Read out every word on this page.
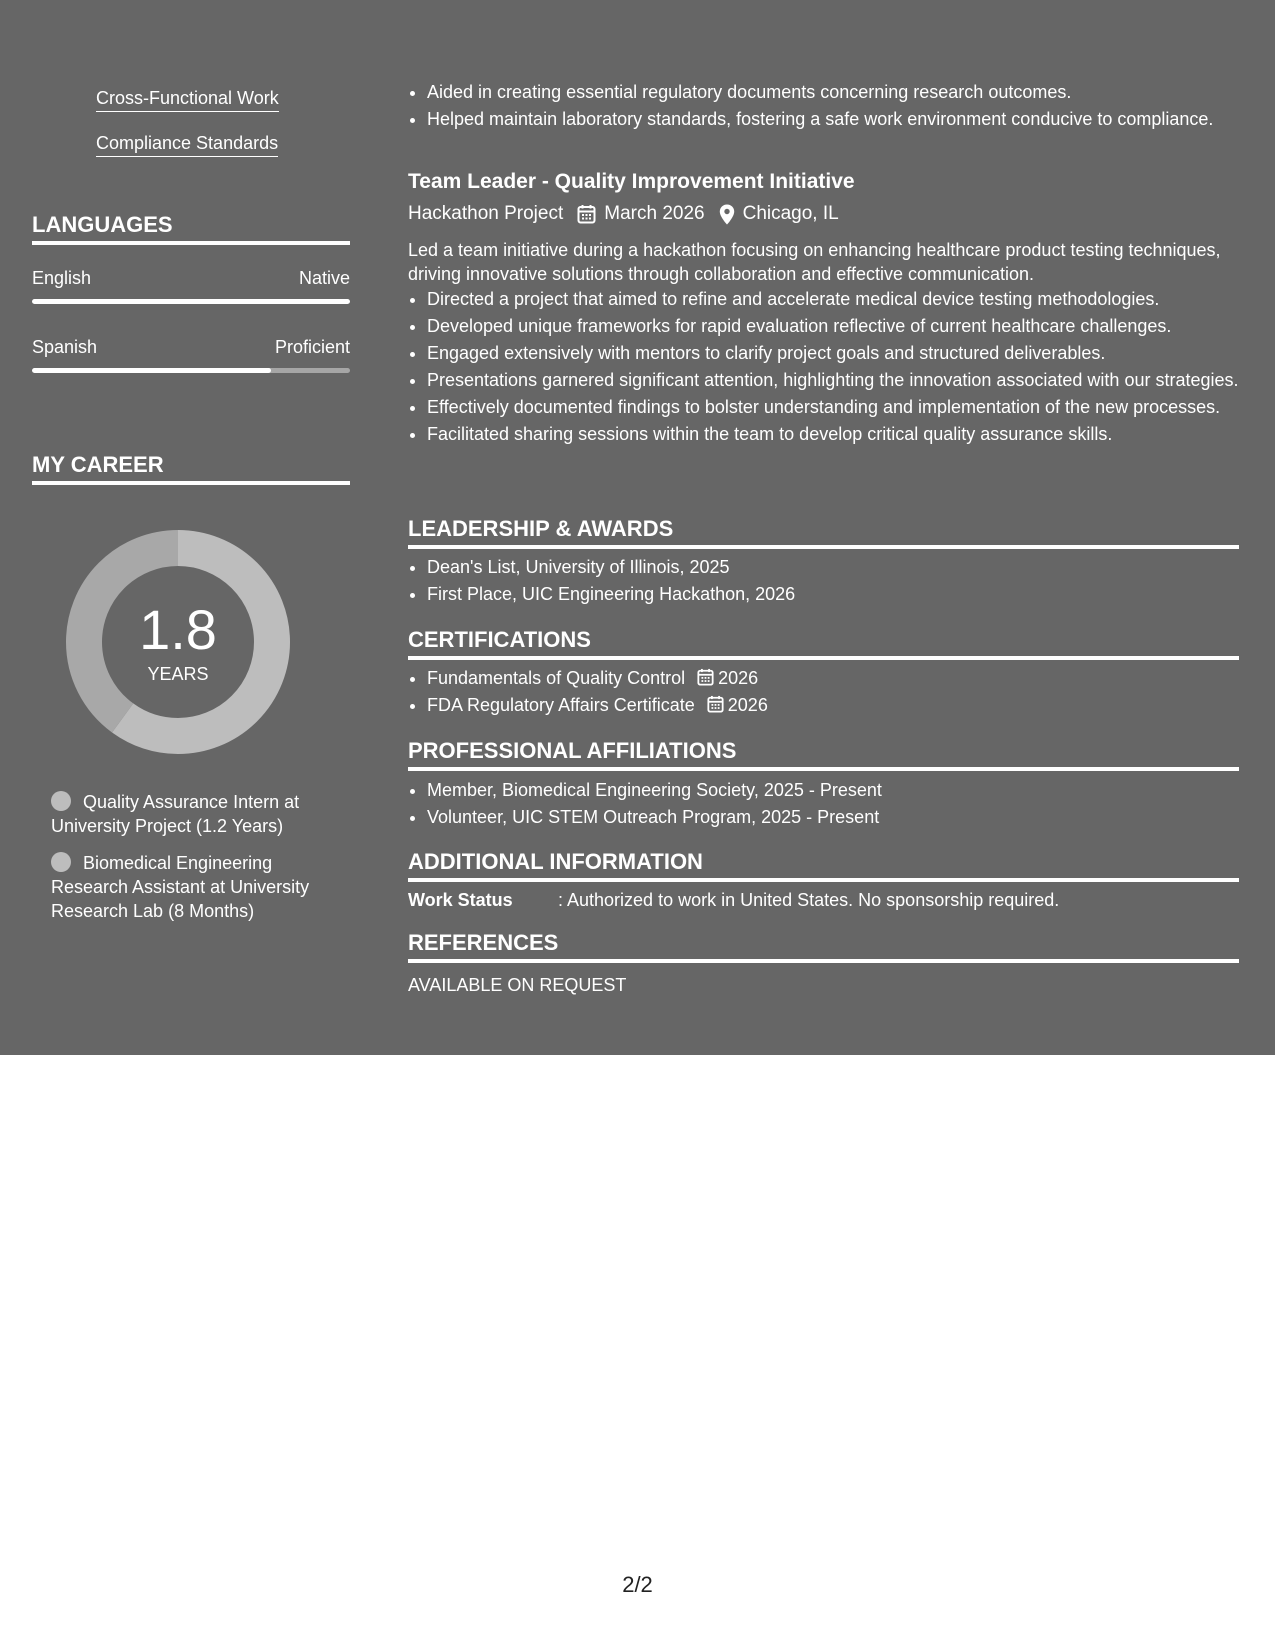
Cross-Functional Work
Compliance Standards
LANGUAGES
English	Native
Spanish	Proficient
MY CAREER
1.8
YEARS
Quality Assurance Intern at University Project (1.2 Years)
Biomedical Engineering Research Assistant at University Research Lab (8 Months)
• Aided in creating essential regulatory documents concerning research outcomes.
• Helped maintain laboratory standards, fostering a safe work environment conducive to compliance.
Team Leader - Quality Improvement Initiative
Hackathon Project March 2026 Chicago, IL
Led a team initiative during a hackathon focusing on enhancing healthcare product testing techniques, driving innovative solutions through collaboration and effective communication.
• Directed a project that aimed to refine and accelerate medical device testing methodologies.
• Developed unique frameworks for rapid evaluation reflective of current healthcare challenges.
• Engaged extensively with mentors to clarify project goals and structured deliverables.
• Presentations garnered significant attention, highlighting the innovation associated with our strategies.
• Effectively documented findings to bolster understanding and implementation of the new processes.
• Facilitated sharing sessions within the team to develop critical quality assurance skills.
LEADERSHIP & AWARDS
• Dean's List, University of Illinois, 2025
• First Place, UIC Engineering Hackathon, 2026
CERTIFICATIONS
• Fundamentals of Quality Control 2026
• FDA Regulatory Affairs Certificate 2026
PROFESSIONAL AFFILIATIONS
• Member, Biomedical Engineering Society, 2025 - Present
• Volunteer, UIC STEM Outreach Program, 2025 - Present
ADDITIONAL INFORMATION
Work Status	: Authorized to work in United States. No sponsorship required.
REFERENCES
AVAILABLE ON REQUEST
2/2
